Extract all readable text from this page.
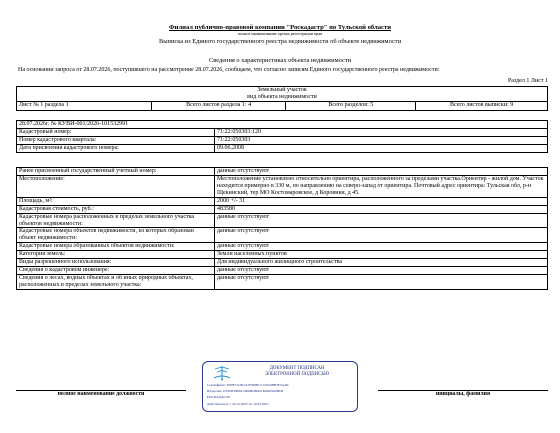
Филиал публично-правовой компании "Роскадастр" по Тульской области
полное наименование органа регистрации прав
Выписка из Единого государственного реестра недвижимости об объекте недвижимости
Сведения о характеристиках объекта недвижимости
На основании запроса от 28.07.2026, поступившего на рассмотрение 28.07.2026, сообщаем, что согласно записям Единого государственного реестра недвижимости:
Раздел 1 Лист 1
Земельный участок
вид объекта недвижимости

Лист № 1 раздела 1	Всего листов раздела 1: 4	Всего разделов: 5	Всего листов выписки: 9
28.07.2026г. № КУВИ-001/2026-101532991	
Кадастровый номер:	71:22:050303:120
Номер кадастрового квартала:	71:22:050303
Дата присвоения кадастрового номера:	09.06.2008
Ранее присвоенный государственный учетный номер:	данные отсутствуют
Местоположение:	Местоположение установлено относительно ориентира, расположенного за пределами участка.Ориентир - жилой дом. Участок находится примерно в 330 м, по направлению на северо-запад от ориентира. Почтовый адрес ориентира: Тульская обл, р-н Щекинский, тер МО Костомаровское, д Коровики, д 45.
Площадь, м²:	2000 +/- 31
Кадастровая стоимость, руб.:	483580
Кадастровые номера расположенных в пределах земельного участка объектов недвижимости:	данные отсутствуют
Кадастровые номера объектов недвижимости, из которых образован объект недвижимости:	данные отсутствуют
Кадастровые номера образованных объектов недвижимости:	данные отсутствуют
Категория земель:	Земли населенных пунктов
Виды разрешенного использования:	Для индивидуального жилищного строительства
Сведения о кадастровом инженере:	данные отсутствуют
Сведения о лесах, водных объектах и об иных природных объектах, расположенных в пределах земельного участка:	данные отсутствуют
полное наименование должности	инициалы, фамилия
ДОКУМЕНТ ПОДПИСАН
ЭЛЕКТРОННОЙ ПОДПИСЬЮ
Сертификат: 3D9F7A4D1A7F9D8E1131054BB3F5A4D
Владелец: ПУБЛИЧНО-ПРАВОВАЯ КОМПАНИЯ
РОСКАДАСТР
Действителен: с 24.12.2025 по 19.03.2027
